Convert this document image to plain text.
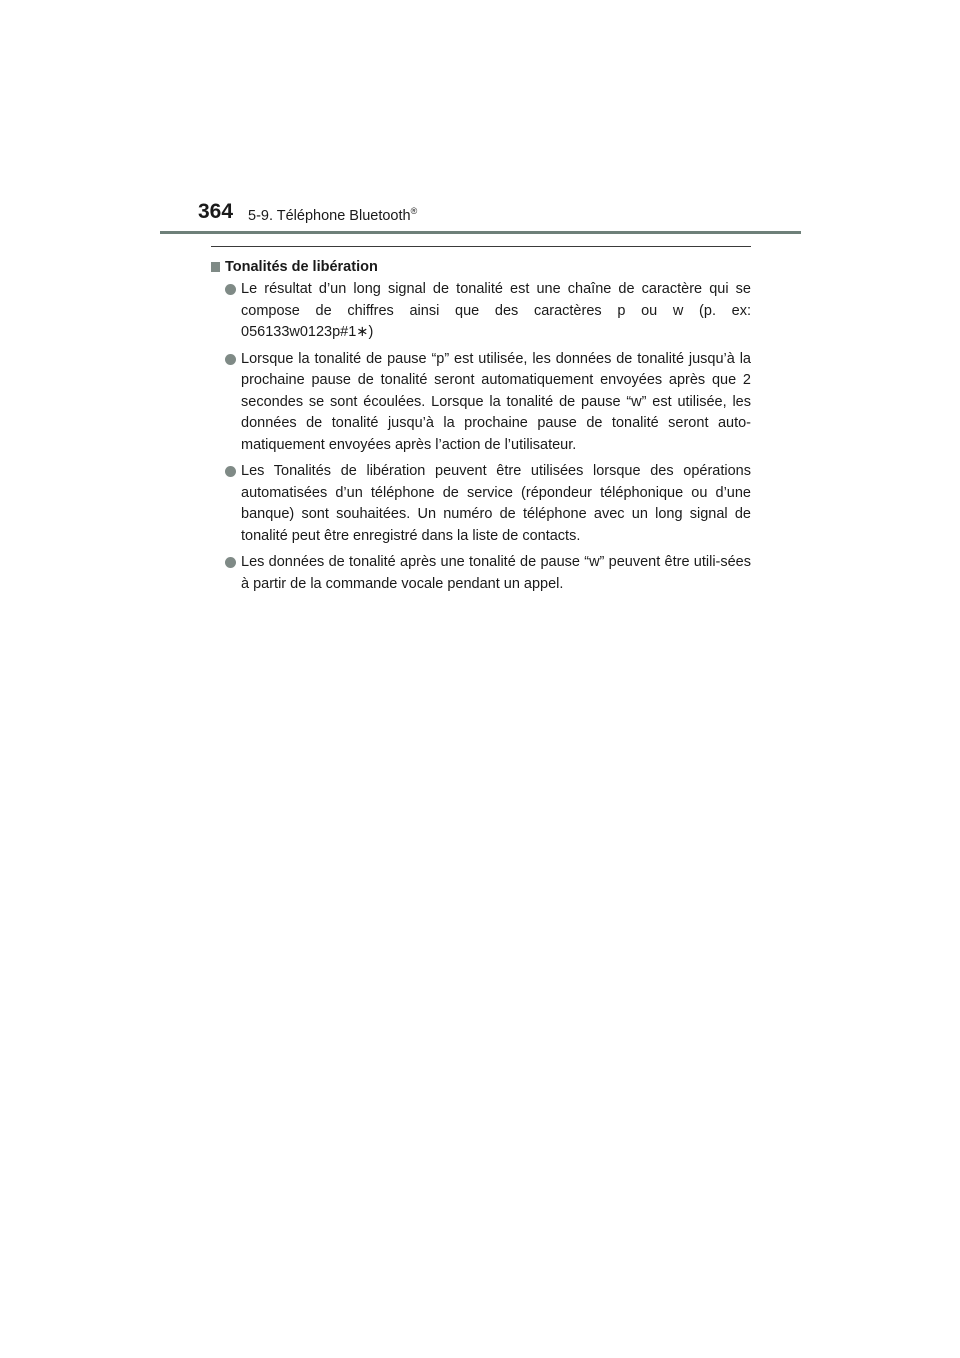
364 5-9. Téléphone Bluetooth®
Tonalités de libération
Le résultat d’un long signal de tonalité est une chaîne de caractère qui se compose de chiffres ainsi que des caractères p ou w (p. ex: 056133w0123p#1∗)
Lorsque la tonalité de pause “p” est utilisée, les données de tonalité jusqu’à la prochaine pause de tonalité seront automatiquement envoyées après que 2 secondes se sont écoulées. Lorsque la tonalité de pause “w” est utilisée, les données de tonalité jusqu’à la prochaine pause de tonalité seront auto-matiquement envoyées après l’action de l’utilisateur.
Les Tonalités de libération peuvent être utilisées lorsque des opérations automatisées d’un téléphone de service (répondeur téléphonique ou d’une banque) sont souhaitées. Un numéro de téléphone avec un long signal de tonalité peut être enregistré dans la liste de contacts.
Les données de tonalité après une tonalité de pause “w” peuvent être utili-sées à partir de la commande vocale pendant un appel.
